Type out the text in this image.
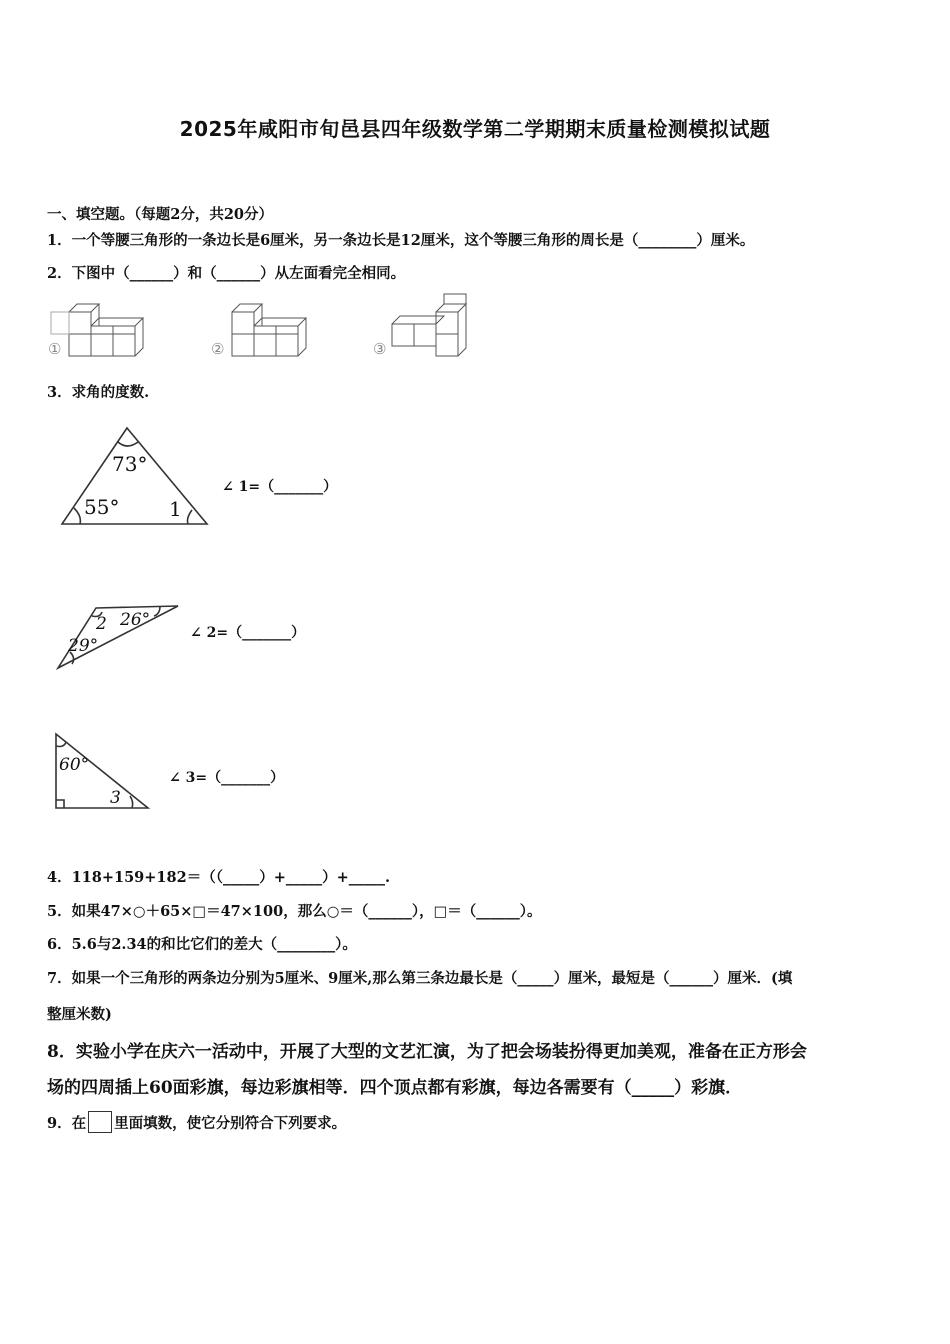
2025年咸阳市旬邑县四年级数学第二学期期末质量检测模拟试题
一、填空题。（每题2分，共20分）
1．一个等腰三角形的一条边长是6厘米，另一条边长是12厘米，这个等腰三角形的周长是（________）厘米。
2．下图中（______）和（______）从左面看完全相同。
①	②	③
3．求角的度数.
73°
55° 1
∠ 1=（_______）
2 26°
29°
∠ 2=（_______）
60°
3
∠ 3=（_______）
4．118+159+182＝（（_____）+_____）+_____.
5．如果47×○＋65×□＝47×100，那么○＝（______），□＝（______）。
6．5.6与2.34的和比它们的差大（________）。
7．如果一个三角形的两条边分别为5厘米、9厘米,那么第三条边最长是（_____）厘米，最短是（______）厘米．(填
整厘米数)
8．实验小学在庆六一活动中，开展了大型的文艺汇演，为了把会场装扮得更加美观，准备在正方形会
场的四周插上60面彩旗，每边彩旗相等．四个顶点都有彩旗，每边各需要有（_____）彩旗．
9．在 里面填数，使它分别符合下列要求。
